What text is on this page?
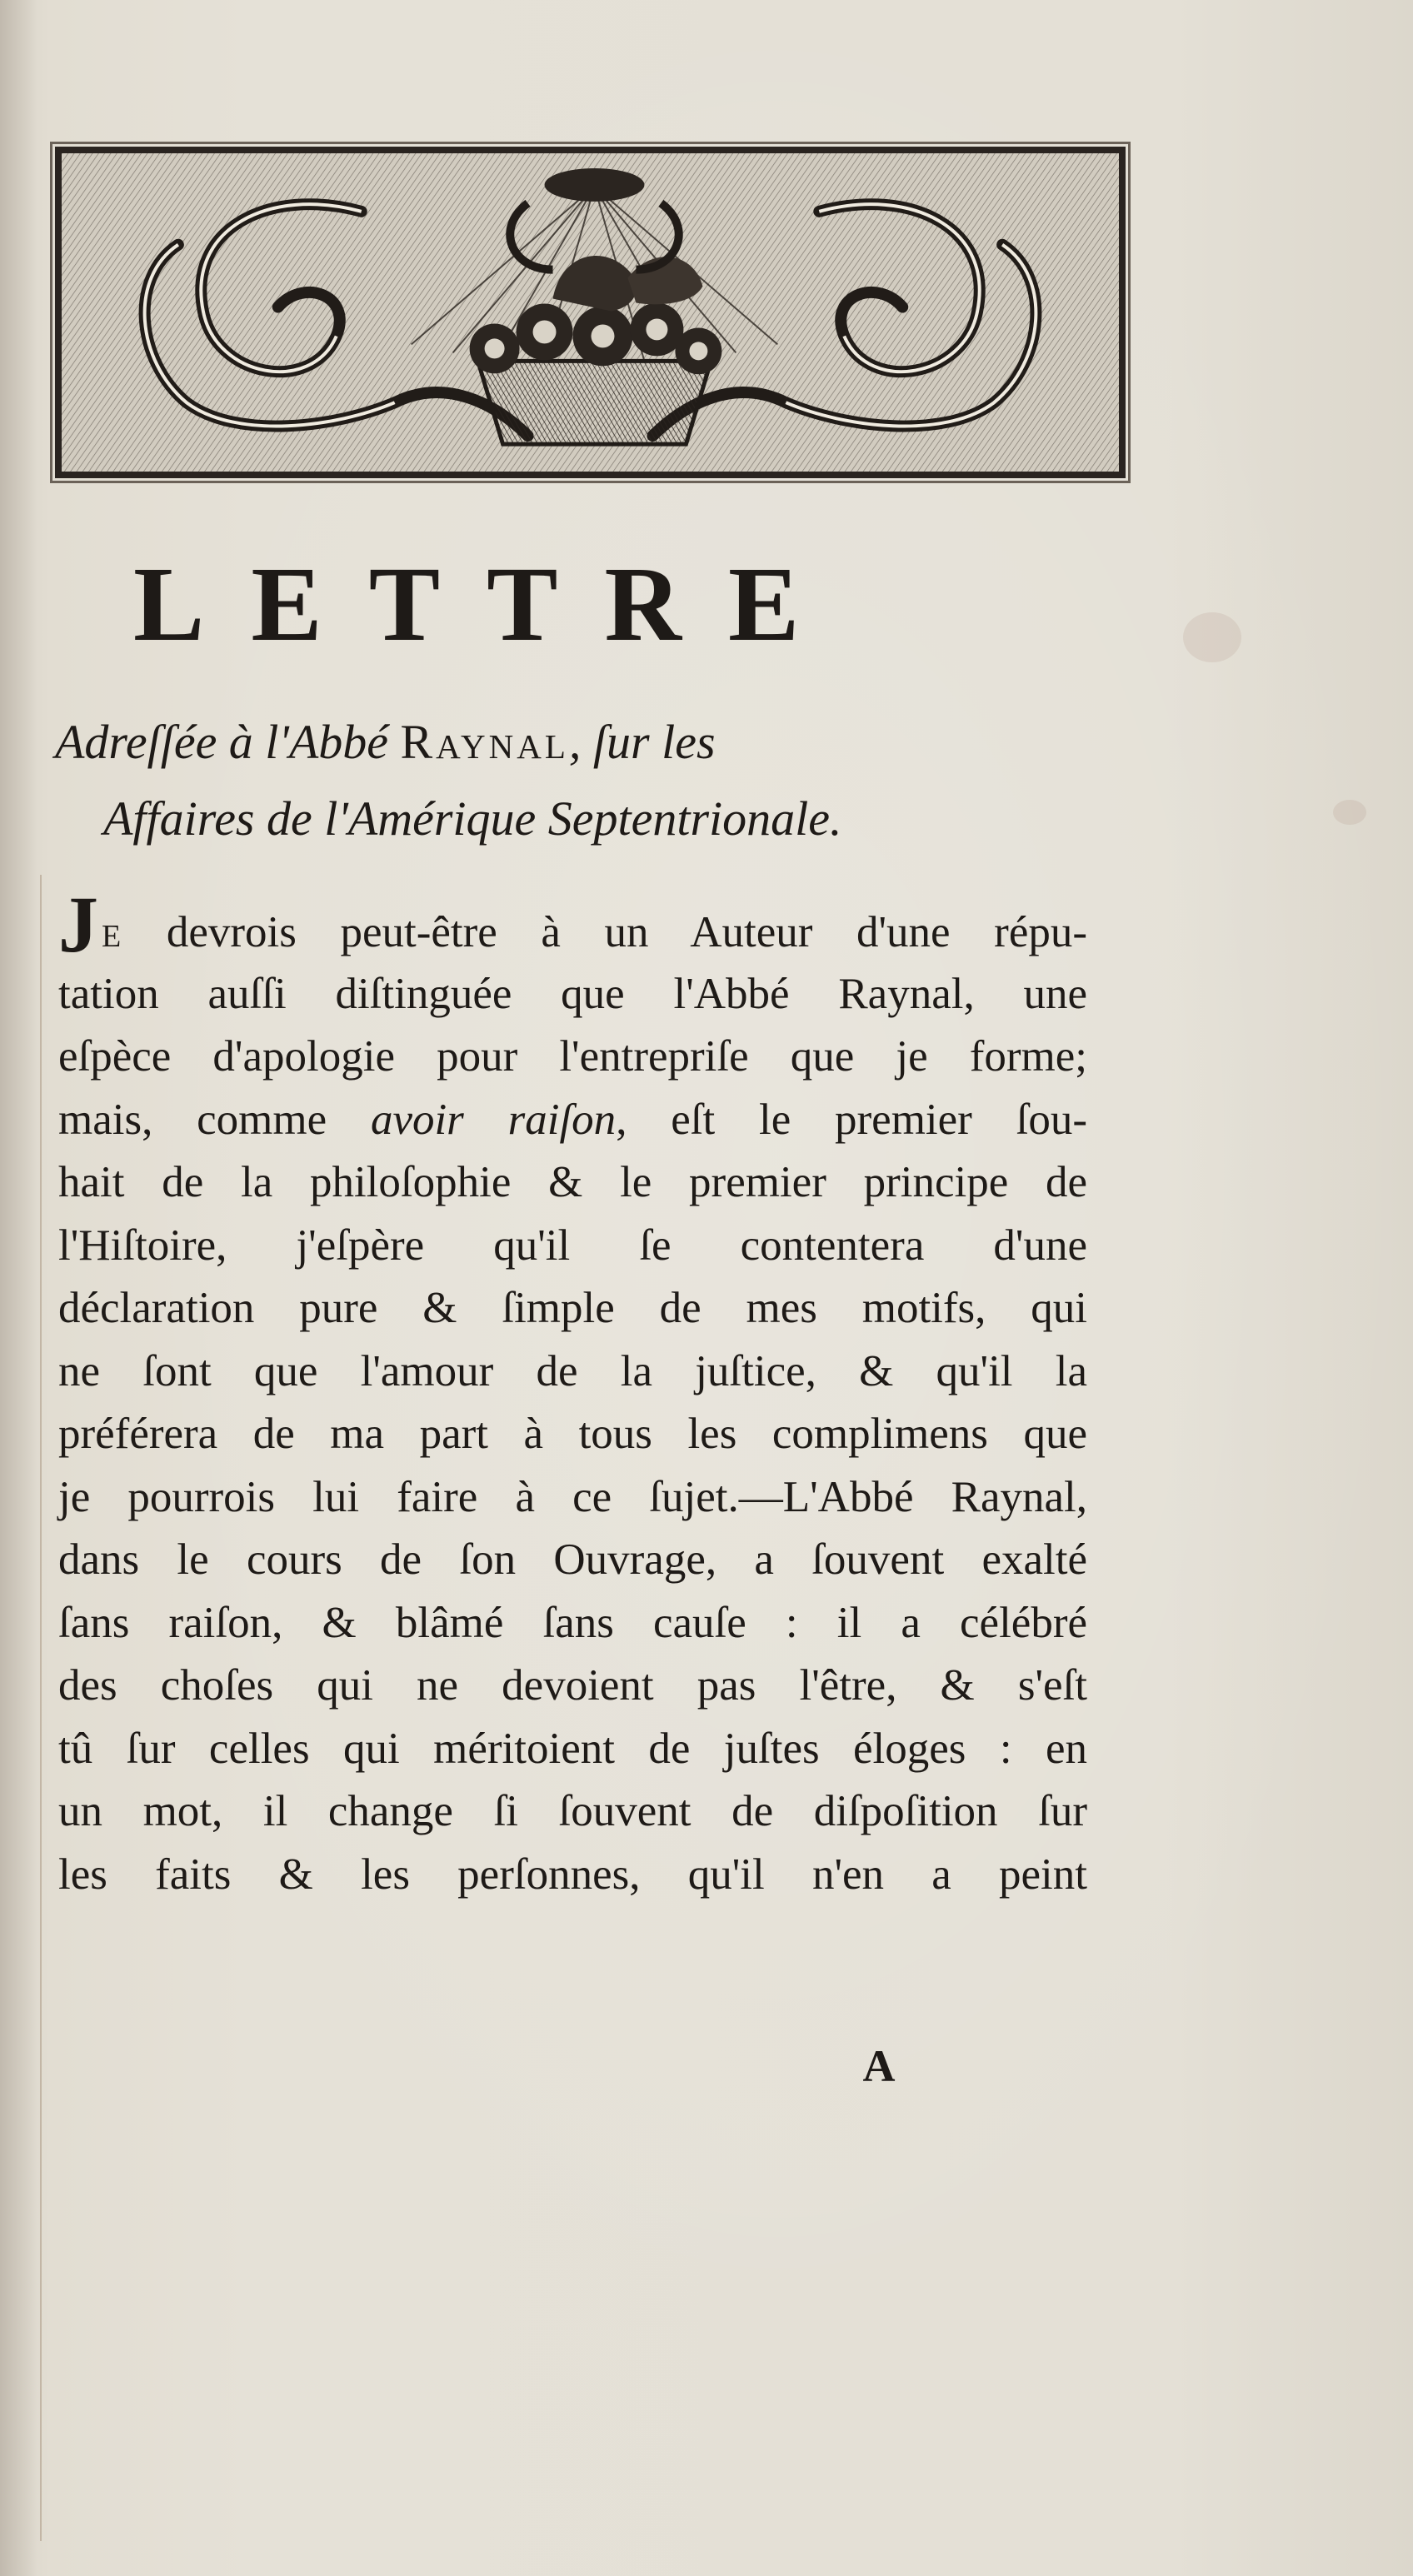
LETTRE

Adreſſée à l'Abbé Raynal, ſur les
Affaires de l'Amérique Septentrionale.

J E devrois peut-être à un Auteur d'une répu-
tation auſſi diſtinguée que l'Abbé Raynal, une
eſpèce d'apologie pour l'entrepriſe que je forme;
mais, comme avoir raiſon, eſt le premier ſou-
hait de la philoſophie & le premier principe de
l'Hiſtoire, j'eſpère qu'il ſe contentera d'une
déclaration pure & ſimple de mes motifs, qui
ne ſont que l'amour de la juſtice, & qu'il la
préférera de ma part à tous les complimens que
je pourrois lui faire à ce ſujet.—L'Abbé Raynal,
dans le cours de ſon Ouvrage, a ſouvent exalté
ſans raiſon, & blâmé ſans cauſe : il a célébré
des choſes qui ne devoient pas l'être, & s'eſt
tû ſur celles qui méritoient de juſtes éloges : en
un mot, il change ſi ſouvent de diſpoſition ſur
les faits & les perſonnes, qu'il n'en a peint

A
